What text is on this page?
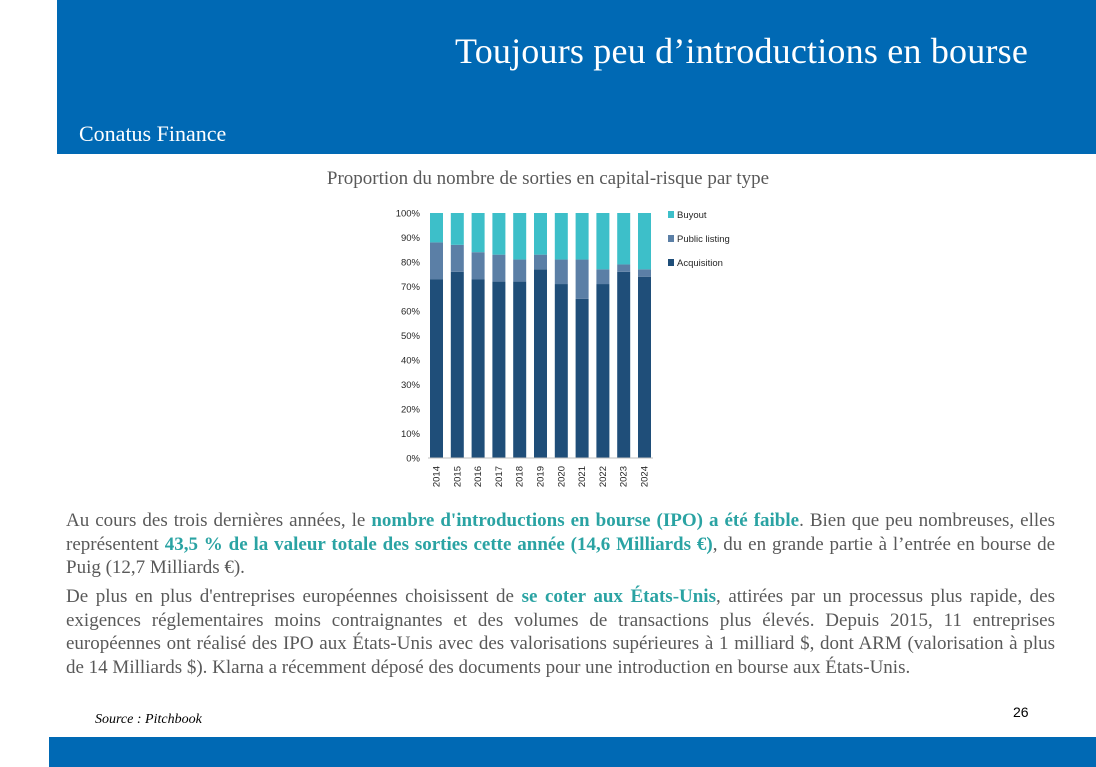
Toujours peu d’introductions en bourse
Conatus Finance
Proportion du nombre de sorties en capital-risque par type
0%
10%
20%
30%
40%
50%
60%
70%
80%
90%
100%
2014 2015 2016 2017 2018 2019 2020 2021 2022 2023 2024
Buyout
Public listing
Acquisition
Au cours des trois dernières années, le nombre d'introductions en bourse (IPO) a été faible. Bien que peu nombreuses, elles représentent 43,5 % de la valeur totale des sorties cette année (14,6 Milliards €), du en grande partie à l’entrée en bourse de Puig (12,7 Milliards €).
De plus en plus d'entreprises européennes choisissent de se coter aux États-Unis, attirées par un processus plus rapide, des exigences réglementaires moins contraignantes et des volumes de transactions plus élevés. Depuis 2015, 11 entreprises européennes ont réalisé des IPO aux États-Unis avec des valorisations supérieures à 1 milliard $, dont ARM (valorisation à plus de 14 Milliards $). Klarna a récemment déposé des documents pour une introduction en bourse aux États-Unis.
Source : Pitchbook	26
